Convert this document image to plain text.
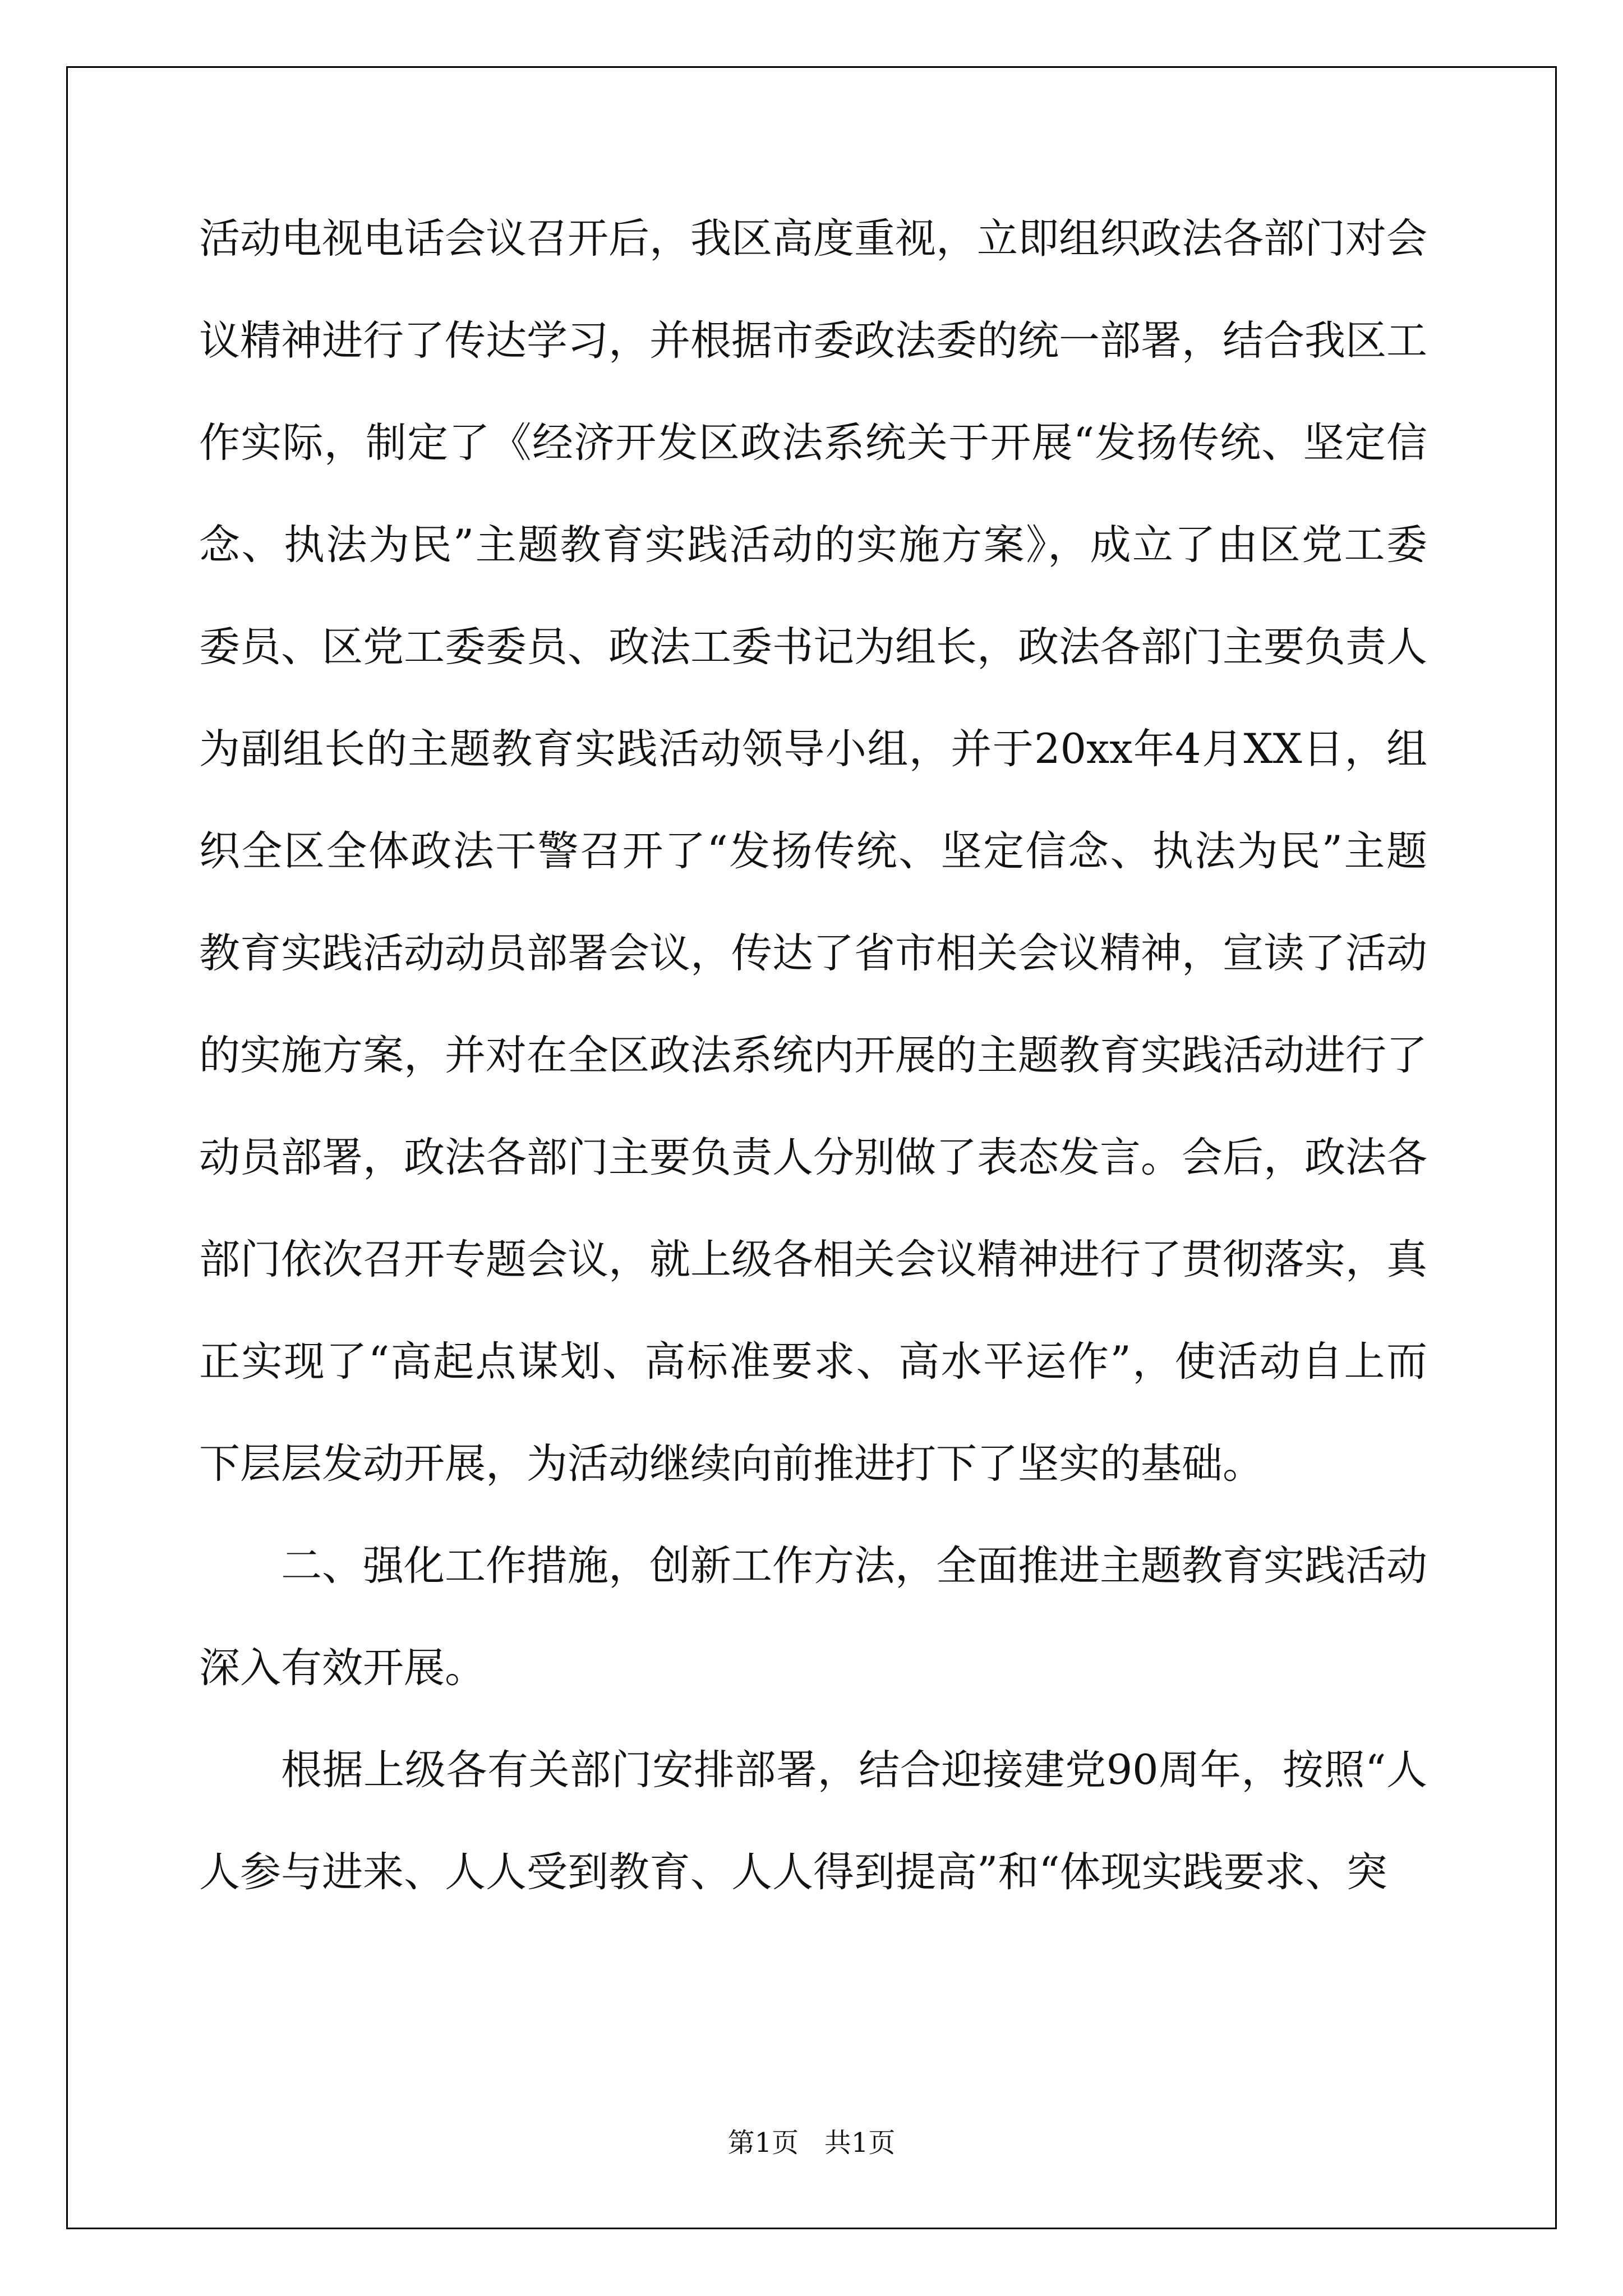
活动电视电话会议召开后，我区高度重视，立即组织政法各部门对会议精神进行了传达学习，并根据市委政法委的统一部署，结合我区工作实际，制定了《经济开发区政法系统关于开展“发扬传统、坚定信念、执法为民”主题教育实践活动的实施方案》，成立了由区党工委委员、区党工委委员、政法工委书记为组长，政法各部门主要负责人为副组长的主题教育实践活动领导小组，并于20xx年4月XX日，组织全区全体政法干警召开了“发扬传统、坚定信念、执法为民”主题教育实践活动动员部署会议，传达了省市相关会议精神，宣读了活动的实施方案，并对在全区政法系统内开展的主题教育实践活动进行了动员部署，政法各部门主要负责人分别做了表态发言。会后，政法各部门依次召开专题会议，就上级各相关会议精神进行了贯彻落实，真正实现了“高起点谋划、高标准要求、高水平运作”，使活动自上而下层层发动开展，为活动继续向前推进打下了坚实的基础。

二、强化工作措施，创新工作方法，全面推进主题教育实践活动深入有效开展。

根据上级各有关部门安排部署，结合迎接建党90周年，按照“人人参与进来、人人受到教育、人人得到提高”和“体现实践要求、突

第1页   共1页
